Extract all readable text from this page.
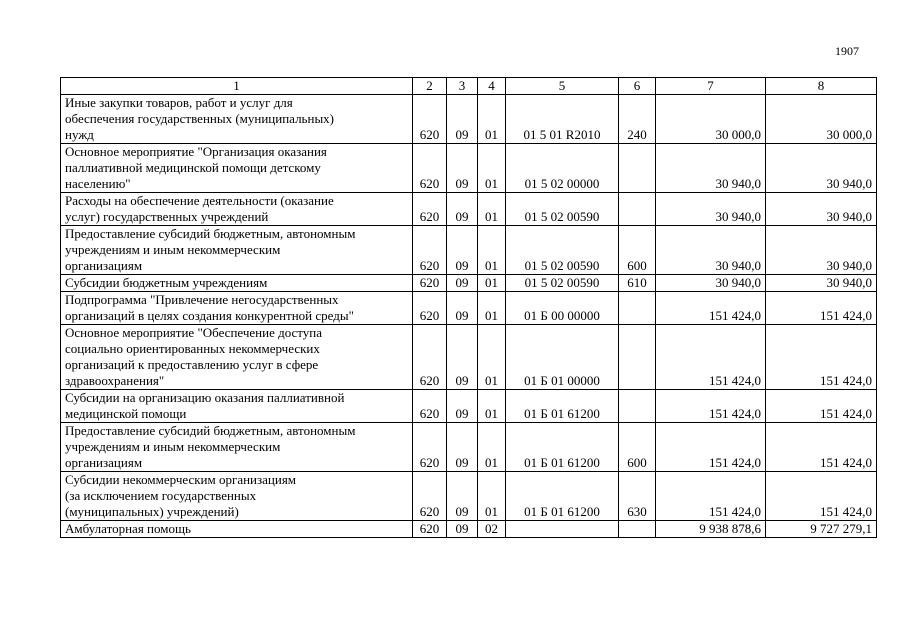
1907
1	2	3	4	5	6	7	8
Иные закупки товаров, работ и услуг для
обеспечения государственных (муниципальных)
нужд	620	09	01	01 5 01 R2010	240	30 000,0	30 000,0
Основное мероприятие "Организация оказания
паллиативной медицинской помощи детскому
населению"	620	09	01	01 5 02 00000		30 940,0	30 940,0
Расходы на обеспечение деятельности (оказание
услуг) государственных учреждений	620	09	01	01 5 02 00590		30 940,0	30 940,0
Предоставление субсидий бюджетным, автономным
учреждениям и иным некоммерческим
организациям	620	09	01	01 5 02 00590	600	30 940,0	30 940,0
Субсидии бюджетным учреждениям	620	09	01	01 5 02 00590	610	30 940,0	30 940,0
Подпрограмма "Привлечение негосударственных
организаций в целях создания конкурентной среды"	620	09	01	01 Б 00 00000		151 424,0	151 424,0
Основное мероприятие "Обеспечение доступа
социально ориентированных некоммерческих
организаций к предоставлению услуг в сфере
здравоохранения"	620	09	01	01 Б 01 00000		151 424,0	151 424,0
Субсидии на организацию оказания паллиативной
медицинской помощи	620	09	01	01 Б 01 61200		151 424,0	151 424,0
Предоставление субсидий бюджетным, автономным
учреждениям и иным некоммерческим
организациям	620	09	01	01 Б 01 61200	600	151 424,0	151 424,0
Субсидии некоммерческим организациям
(за исключением государственных
(муниципальных) учреждений)	620	09	01	01 Б 01 61200	630	151 424,0	151 424,0
Амбулаторная помощь	620	09	02			9 938 878,6	9 727 279,1
